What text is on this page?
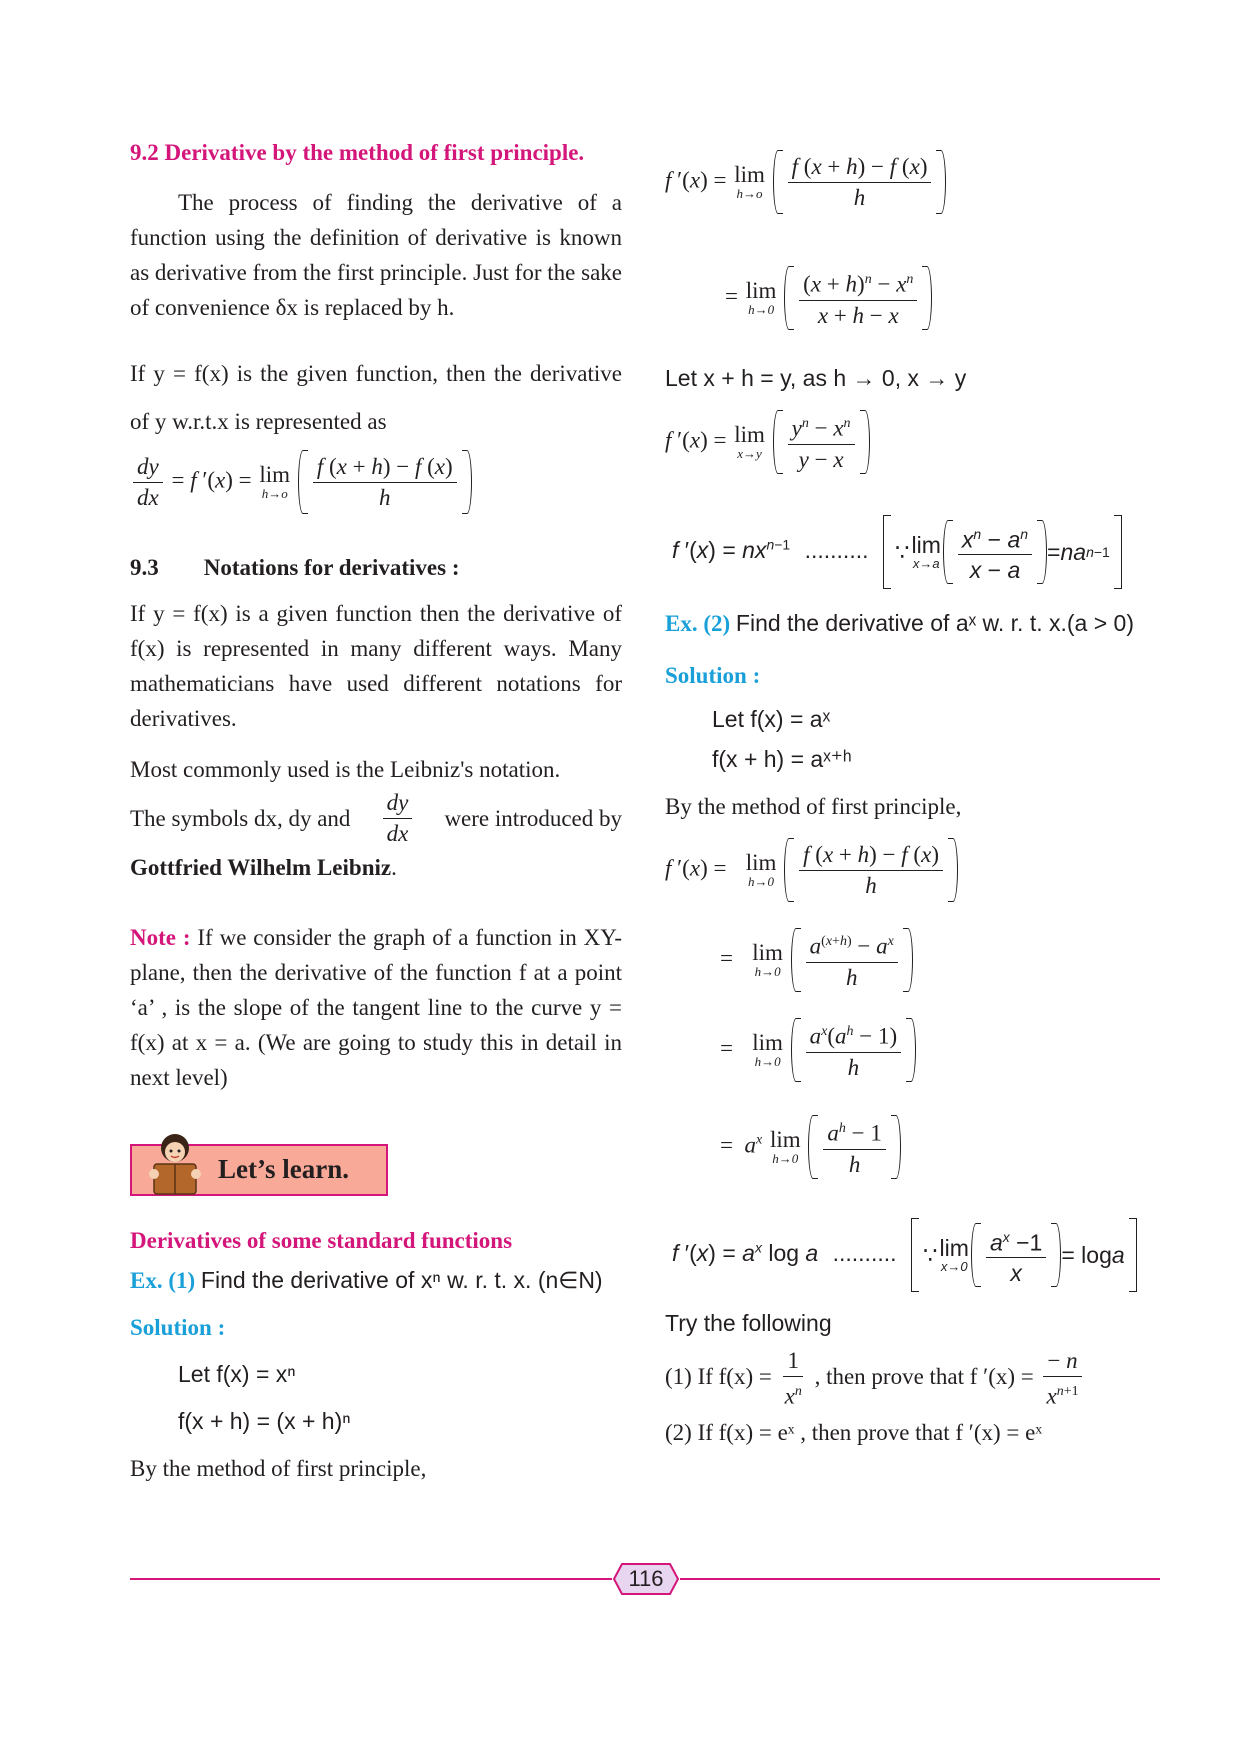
9.2 Derivative by the method of first principle.

The process of finding the derivative of a function using the definition of derivative is known as derivative from the first principle. Just for the sake of convenience δx is replaced by h.

If y = f(x) is the given function, then the derivative of y w.r.t.x is represented as

$\frac{dy}{dx} = f$ ′(x) = lim
h→o
$\frac{f (x + h) - f (x)}{h}$
9.3 Notations for derivatives :

If y = f(x) is a given function then the derivative of f(x) is represented in many different ways. Many mathematicians have used different notations for derivatives.

Most commonly used is the Leibniz's notation.

The symbols dx, dy and $\frac{dy}{dx}$ were introduced by
Gottfried Wilhelm Leibniz.

Note : If we consider the graph of a function in XY-plane, then the derivative of the function f at a point ‘a’ , is the slope of the tangent line to the curve y = f(x) at x = a. (We are going to study this in detail in next level)

Let’s learn.
Derivatives of some standard functions
Ex. (1) Find the derivative of xⁿ w. r. t. x. (n∈N)
Solution :
Let f(x) = xⁿ
f(x + h) = (x + h)ⁿ
By the method of first principle,
f ′(x) = lim
h→o
$\frac{f (x + h) - f (x)}{h}$
= lim
h→0
$\frac{(x + h)^n - x^n}{x + h - x}$
Let x + h = y, as h → 0, x → y
f ′(x) = lim
x→y
$\frac{y^n - x^n}{y - x}$
f $'(x) = nx^{n-1}$ .......... ∵ lim
$x\to a \frac{x^n - a^n}{x - a}$ = na n−1
Ex. (2) Find the derivative of aˣ w. r. t. x.(a > 0)
Solution :
Let f(x) = aˣ
f(x + h) = aˣ⁺ʰ
By the method of first principle,
f ′(x) = lim
h→0
$\frac{f (x + h) - f (x)}{h}$
= lim
h→0
$\frac{a^{(x+h)} - a^x}{h}$
= lim
h→0
$\frac{a^x(a^h - 1)}{h}$
=  $a^x$ lim
h→0
$\frac{a^h - 1}{h}$
f $'(x) = a^x$ log a .......... ∵ lim
$x\to 0 \frac{a^x -1}{x} = \log a$
Try the following
(1) If $f(x) = \frac{1}{x^n}$ , then prove that f $'(x) = \frac{- n}{x^{n+1}}$
(2) If f(x) = eˣ , then prove that f ′(x) = eˣ
116
